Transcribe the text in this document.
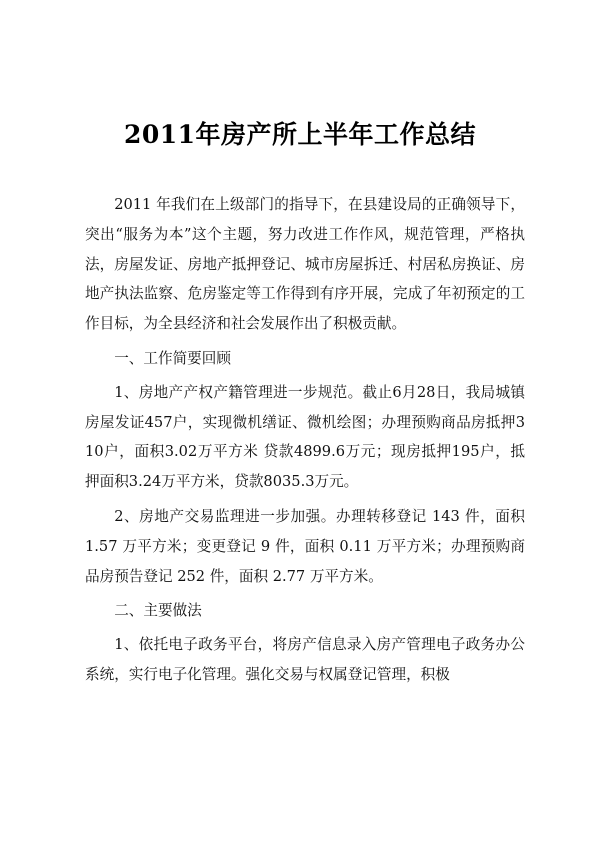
2011年房产所上半年工作总结

2011 年我们在上级部门的指导下，在县建设局的正确领导下，突出“服务为本”这个主题，努力改进工作作风，规范管理，严格执法，房屋发证、房地产抵押登记、城市房屋拆迁、村居私房换证、房地产执法监察、危房鉴定等工作得到有序开展，完成了年初预定的工作目标，为全县经济和社会发展作出了积极贡献。

一、工作简要回顾

1、房地产产权产籍管理进一步规范。截止6月28日，我局城镇房屋发证457户，实现微机缮证、微机绘图；办理预购商品房抵押310户，面积3.02万平方米 贷款4899.6万元；现房抵押195户，抵押面积3.24万平方米，贷款8035.3万元。

2、房地产交易监理进一步加强。办理转移登记 143 件，面积 1.57 万平方米；变更登记 9 件，面积 0.11 万平方米；办理预购商品房预告登记 252 件，面积 2.77 万平方米。

二、主要做法

1、依托电子政务平台，将房产信息录入房产管理电子政务办公系统，实行电子化管理。强化交易与权属登记管理，积极
